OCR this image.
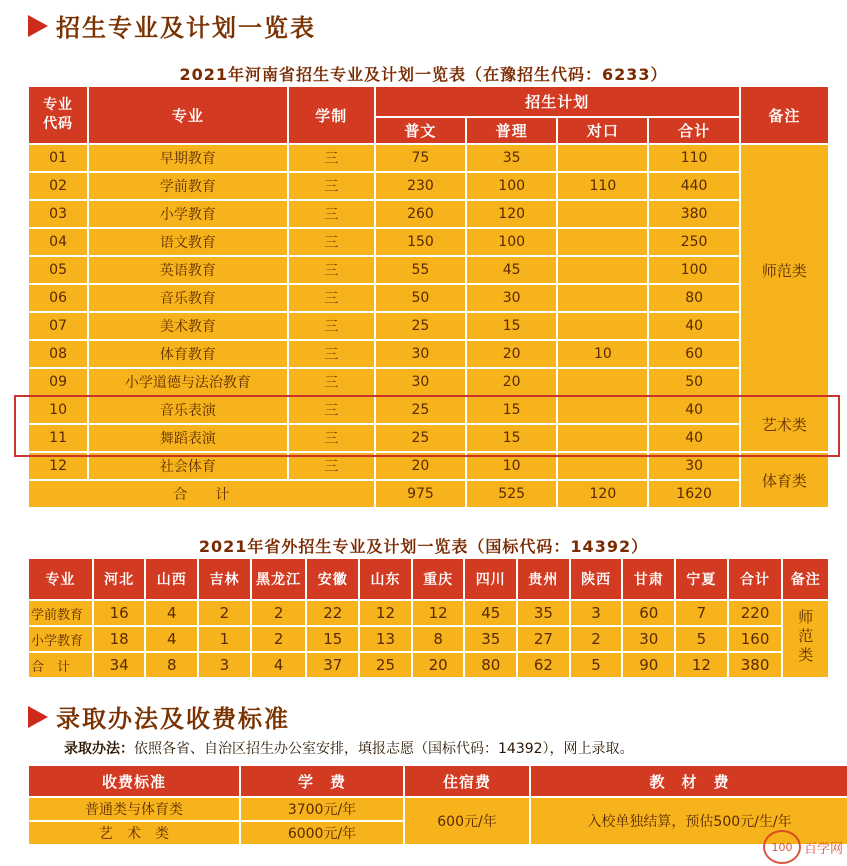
招生专业及计划一览表
2021年河南省招生专业及计划一览表（在豫招生代码：6233）
专业代码	专业	学制	招生计划				备注
			普文	普理	对口	合计	
01	早期教育	三	75	35		110	师范类
02	学前教育	三	230	100	110	440	
03	小学教育	三	260	120		380	
04	语文教育	三	150	100		250	
05	英语教育	三	55	45		100	
06	音乐教育	三	50	30		80	
07	美术教育	三	25	15		40	
08	体育教育	三	30	20	10	60	
09	小学道德与法治教育	三	30	20		50	
10	音乐表演	三	25	15		40	艺术类
11	舞蹈表演	三	25	15		40	
12	社会体育	三	20	10		30	体育类
合　　计			975	525	120	1620	
2021年省外招生专业及计划一览表（国标代码：14392）
专业	河北	山西	吉林	黑龙江	安徽	山东	重庆	四川	贵州	陕西	甘肃	宁夏	合计	备注
学前教育	16	4	2	2	22	12	12	45	35	3	60	7	220	师范类
小学教育	18	4	1	2	15	13	8	35	27	2	30	5	160	
合　计	34	8	3	4	37	25	20	80	62	5	90	12	380	
录取办法及收费标准
录取办法：依照各省、自治区招生办公室安排，填报志愿（国标代码：14392），网上录取。
收费标准	学　费	住宿费	教　材　费
普通类与体育类	3700元/年	600元/年	入校单独结算，预估500元/生/年
艺　术　类	6000元/年		
100 百学网
